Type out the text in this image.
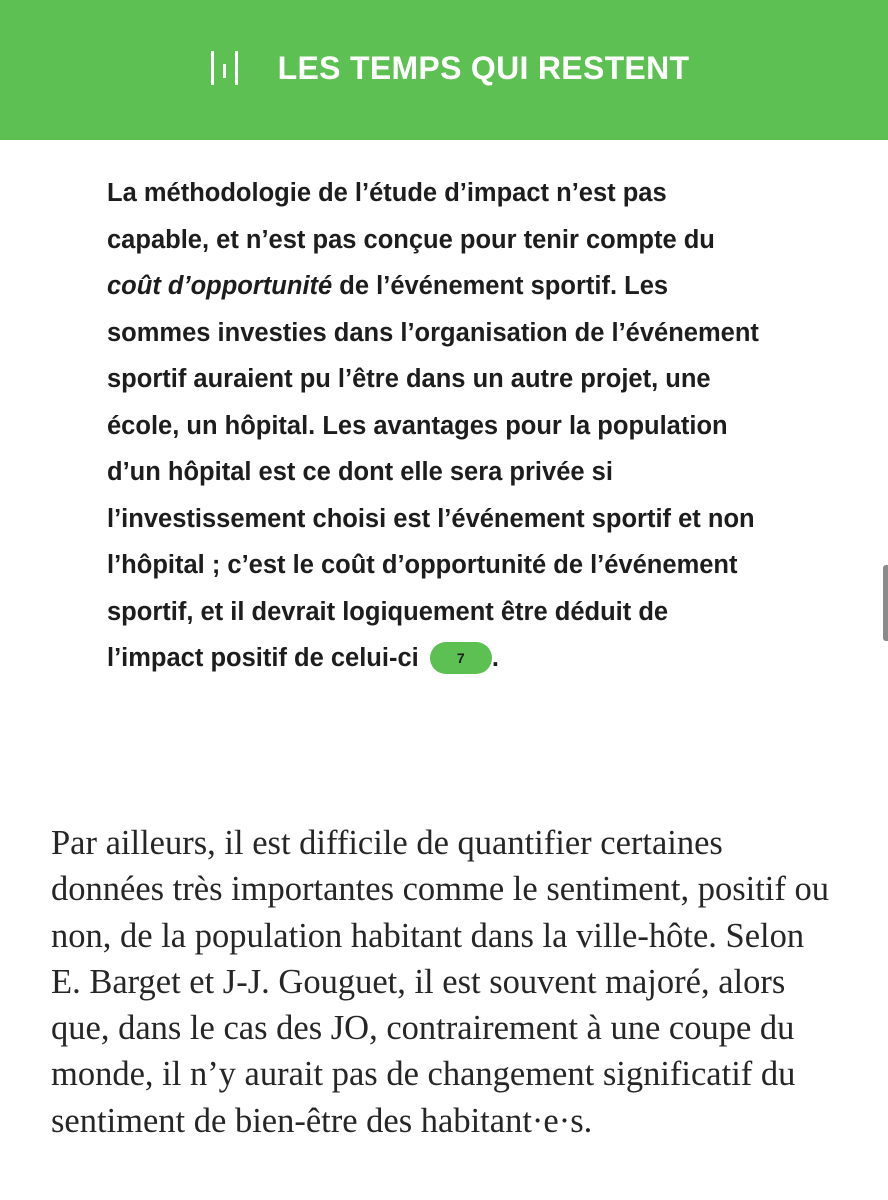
LES TEMPS QUI RESTENT

La méthodologie de l’étude d’impact n’est pas capable, et n’est pas conçue pour tenir compte du coût d’opportunité de l’événement sportif. Les sommes investies dans l’organisation de l’événement sportif auraient pu l’être dans un autre projet, une école, un hôpital. Les avantages pour la population d’un hôpital est ce dont elle sera privée si l’investissement choisi est l’événement sportif et non l’hôpital ; c’est le coût d’opportunité de l’événement sportif, et il devrait logiquement être déduit de l’impact positif de celui-ci	7 .

Par ailleurs, il est difficile de quantifier certaines données très importantes comme le sentiment, positif ou non, de la population habitant dans la ville-hôte. Selon E. Barget et J-J. Gouguet, il est souvent majoré, alors que, dans le cas des JO, contrairement à une coupe du monde, il n’y aurait pas de changement significatif du sentiment de bien-être des habitant·e·s.
